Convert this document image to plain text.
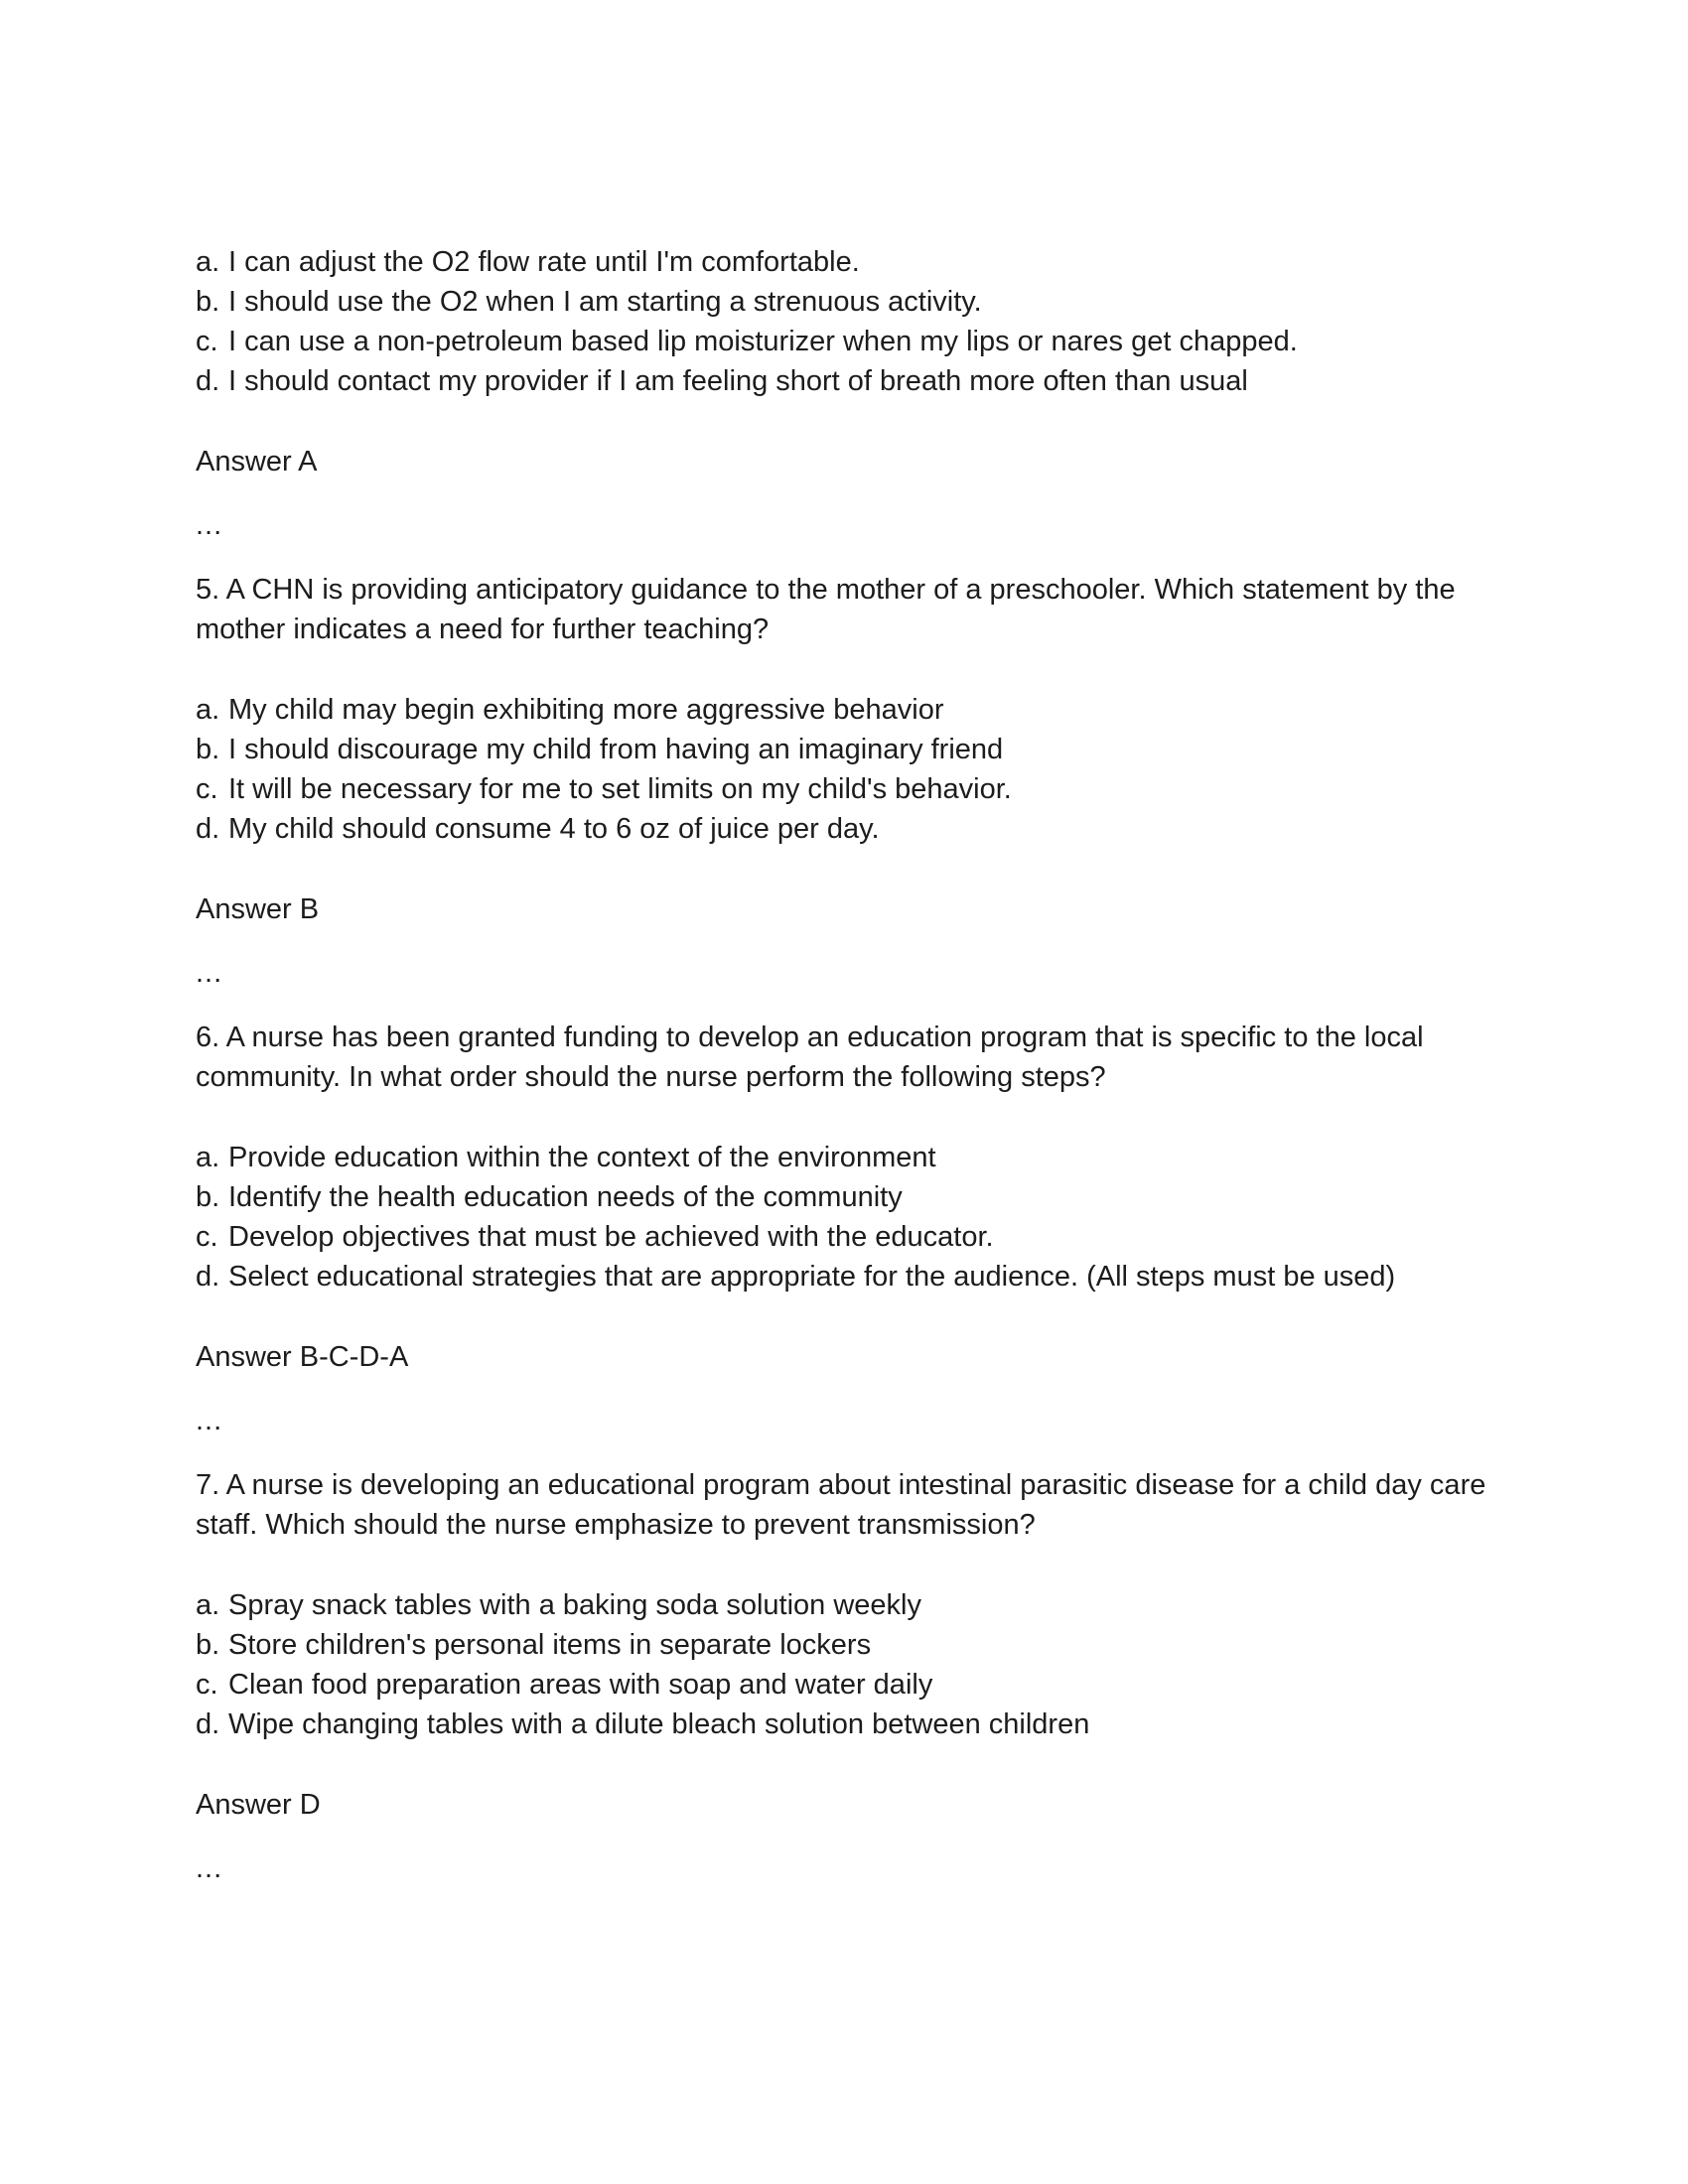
a. I can adjust the O2 flow rate until I'm comfortable.
b. I should use the O2 when I am starting a strenuous activity.
c. I can use a non-petroleum based lip moisturizer when my lips or nares get chapped.
d. I should contact my provider if I am feeling short of breath more often than usual

Answer A

...

5. A CHN is providing anticipatory guidance to the mother of a preschooler. Which statement by the mother indicates a need for further teaching?

a. My child may begin exhibiting more aggressive behavior
b. I should discourage my child from having an imaginary friend
c. It will be necessary for me to set limits on my child's behavior.
d. My child should consume 4 to 6 oz of juice per day.

Answer B

...

6. A nurse has been granted funding to develop an education program that is specific to the local community. In what order should the nurse perform the following steps?

a. Provide education within the context of the environment
b. Identify the health education needs of the community
c. Develop objectives that must be achieved with the educator.
d. Select educational strategies that are appropriate for the audience. (All steps must be used)

Answer B-C-D-A

...

7. A nurse is developing an educational program about intestinal parasitic disease for a child day care staff. Which should the nurse emphasize to prevent transmission?

a. Spray snack tables with a baking soda solution weekly
b. Store children's personal items in separate lockers
c. Clean food preparation areas with soap and water daily
d. Wipe changing tables with a dilute bleach solution between children

Answer D

...
